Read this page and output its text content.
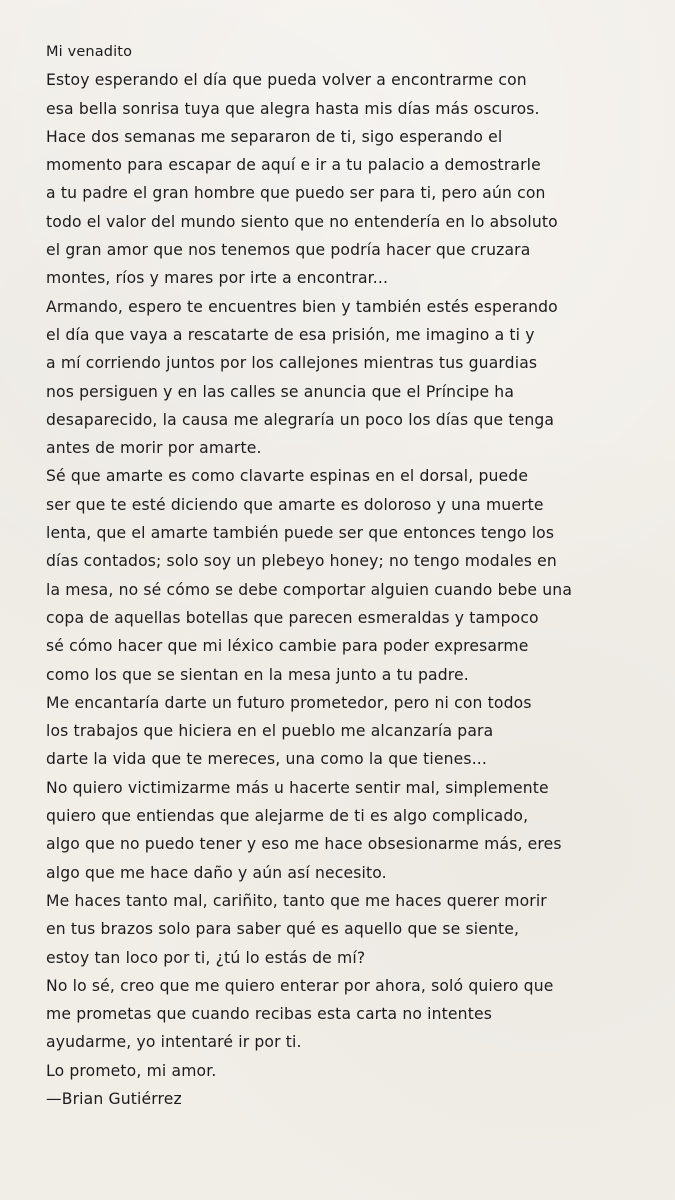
Mi venadito
Estoy esperando el día que pueda volver a encontrarme con
esa bella sonrisa tuya que alegra hasta mis días más oscuros.
Hace dos semanas me separaron de ti, sigo esperando el
momento para escapar de aquí e ir a tu palacio a demostrarle
a tu padre el gran hombre que puedo ser para ti, pero aún con
todo el valor del mundo siento que no entendería en lo absoluto
el gran amor que nos tenemos que podría hacer que cruzara
montes, ríos y mares por irte a encontrar...
Armando, espero te encuentres bien y también estés esperando
el día que vaya a rescatarte de esa prisión, me imagino a ti y
a mí corriendo juntos por los callejones mientras tus guardias
nos persiguen y en las calles se anuncia que el Príncipe ha
desaparecido, la causa me alegraría un poco los días que tenga
antes de morir por amarte.
Sé que amarte es como clavarte espinas en el dorsal, puede
ser que te esté diciendo que amarte es doloroso y una muerte
lenta, que el amarte también puede ser que entonces tengo los
días contados; solo soy un plebeyo honey; no tengo modales en
la mesa, no sé cómo se debe comportar alguien cuando bebe una
copa de aquellas botellas que parecen esmeraldas y tampoco
sé cómo hacer que mi léxico cambie para poder expresarme
como los que se sientan en la mesa junto a tu padre.
Me encantaría darte un futuro prometedor, pero ni con todos
los trabajos que hiciera en el pueblo me alcanzaría para
darte la vida que te mereces, una como la que tienes...
No quiero victimizarme más u hacerte sentir mal, simplemente
quiero que entiendas que alejarme de ti es algo complicado,
algo que no puedo tener y eso me hace obsesionarme más, eres
algo que me hace daño y aún así necesito.
Me haces tanto mal, cariñito, tanto que me haces querer morir
en tus brazos solo para saber qué es aquello que se siente,
estoy tan loco por ti, ¿tú lo estás de mí?
No lo sé, creo que me quiero enterar por ahora, soló quiero que
me prometas que cuando recibas esta carta no intentes
ayudarme, yo intentaré ir por ti.
Lo prometo, mi amor.
—Brian Gutiérrez
